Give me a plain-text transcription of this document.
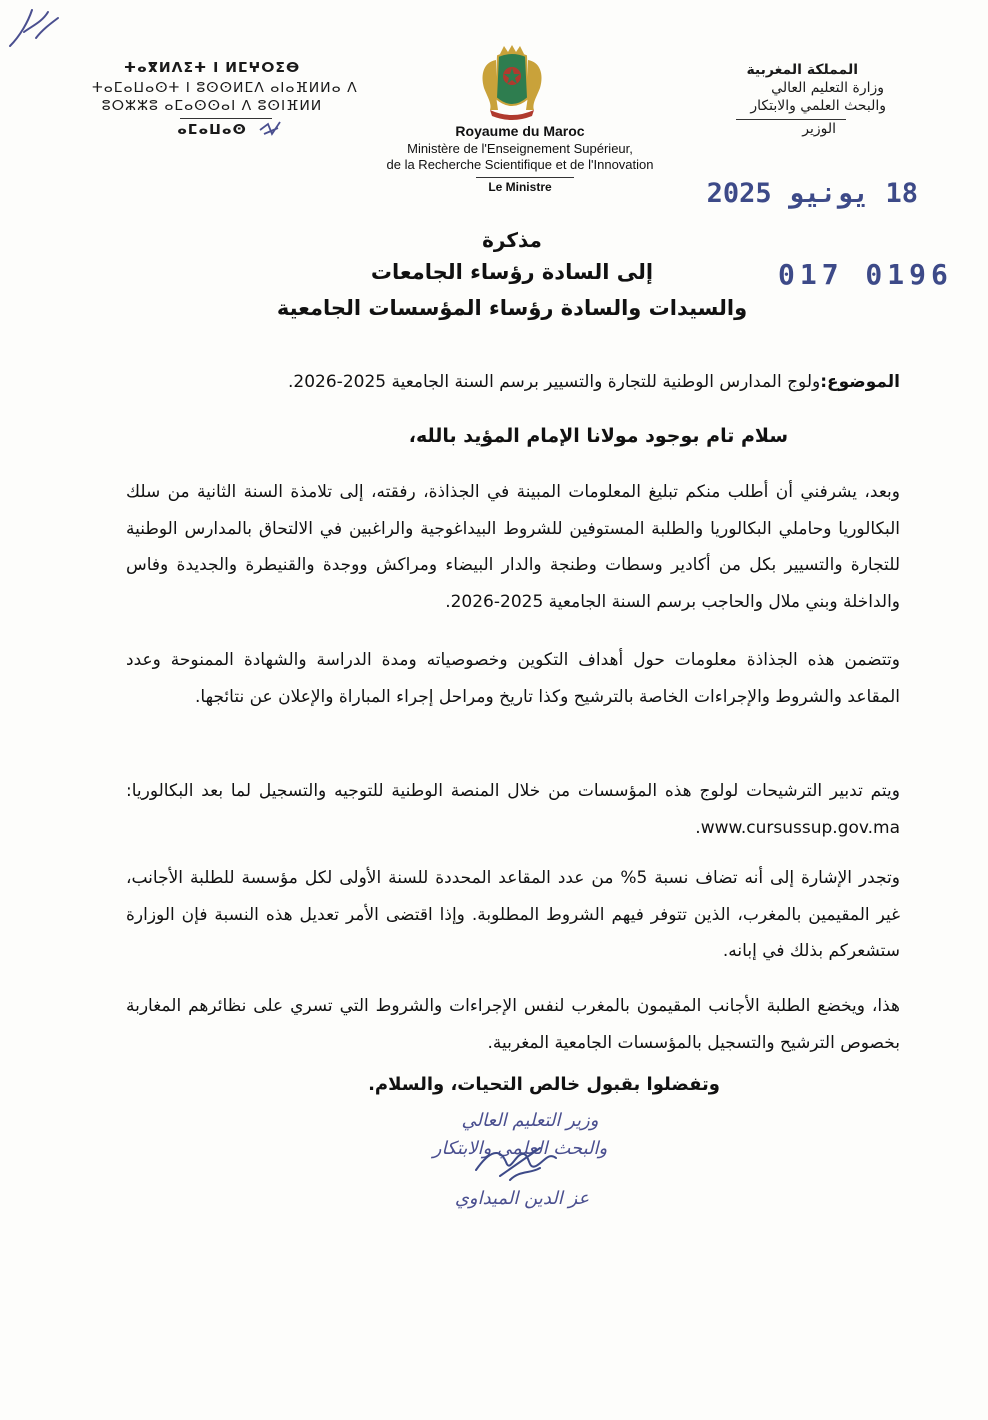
ⵜⴰⴳⵍⴷⵉⵜ ⵏ ⵍⵎⵖⵔⵉⴱ
ⵜⴰⵎⴰⵡⴰⵙⵜ ⵏ ⵓⵙⵙⵍⵎⴷ ⴰⵏⴰⴼⵍⵍⴰ ⴷ
ⵓⵔⵣⵣⵓ ⴰⵎⴰⵙⵙⴰⵏ ⴷ ⵓⵙⵏⴼⵍⵍ
ⴰⵎⴰⵡⴰⵙ
المملكة المغربية
وزارة التعليم العالي
والبحث العلمي والابتكار
الوزير
Royaume du Maroc
Ministère de l'Enseignement Supérieur,
de la Recherche Scientifique et de l'Innovation
Le Ministre	18 يونيو 2025
017 0196
مذكرة
إلى السادة رؤساء الجامعات
والسيدات والسادة رؤساء المؤسسات الجامعية
الموضوع:ولوج المدارس الوطنية للتجارة والتسيير برسم السنة الجامعية 2025-2026.
سلام تام بوجود مولانا الإمام المؤيد بالله،
وبعد، يشرفني أن أطلب منكم تبليغ المعلومات المبينة في الجذاذة، رفقته، إلى تلامذة السنة الثانية من سلك البكالوريا وحاملي البكالوريا والطلبة المستوفين للشروط البيداغوجية والراغبين في الالتحاق بالمدارس الوطنية للتجارة والتسيير بكل من أكادير وسطات وطنجة والدار البيضاء ومراكش ووجدة والقنيطرة والجديدة وفاس والداخلة وبني ملال والحاجب برسم السنة الجامعية 2025-2026.
وتتضمن هذه الجذاذة معلومات حول أهداف التكوين وخصوصياته ومدة الدراسة والشهادة الممنوحة وعدد المقاعد والشروط والإجراءات الخاصة بالترشيح وكذا تاريخ ومراحل إجراء المباراة والإعلان عن نتائجها.
ويتم تدبير الترشيحات لولوج هذه المؤسسات من خلال المنصة الوطنية للتوجيه والتسجيل لما بعد البكالوريا: www.cursussup.gov.ma.
وتجدر الإشارة إلى أنه تضاف نسبة 5% من عدد المقاعد المحددة للسنة الأولى لكل مؤسسة للطلبة الأجانب، غير المقيمين بالمغرب، الذين تتوفر فيهم الشروط المطلوبة. وإذا اقتضى الأمر تعديل هذه النسبة فإن الوزارة ستشعركم بذلك في إبانه.
هذا، ويخضع الطلبة الأجانب المقيمون بالمغرب لنفس الإجراءات والشروط التي تسري على نظائرهم المغاربة بخصوص الترشيح والتسجيل بالمؤسسات الجامعية المغربية.
وتفضلوا بقبول خالص التحيات، والسلام.
وزير التعليم العالي
والبحث العلمي والابتكار
عز الدين الميداوي
